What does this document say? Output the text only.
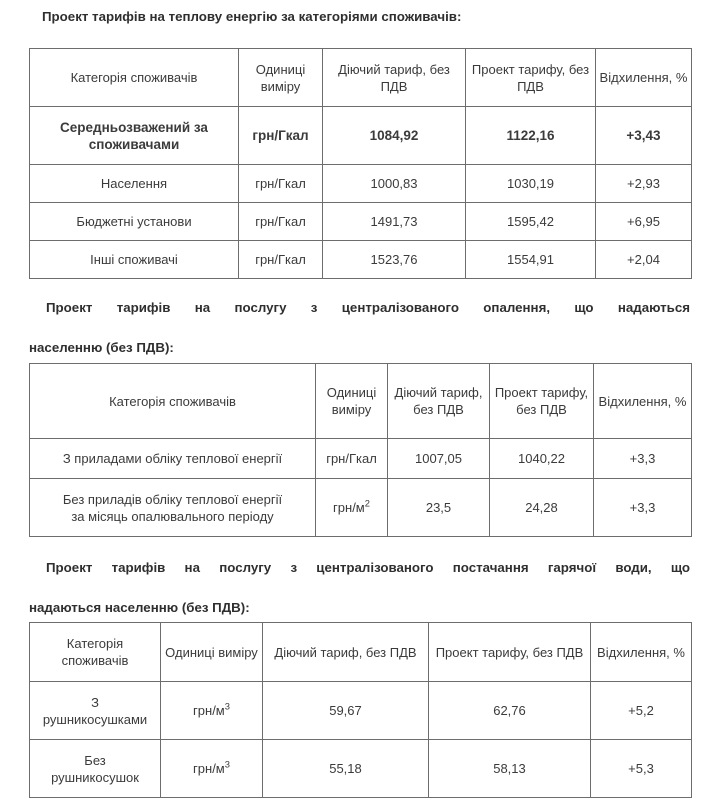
Проект тарифів на теплову енергію за категоріями споживачів:

Категорія споживачів	Одиниці виміру	Діючий тариф, без ПДВ	Проект тарифу, без ПДВ	Відхилення, %
Середньозважений за споживачами	грн/Гкал	1084,92	1122,16	+3,43
Населення	грн/Гкал	1000,83	1030,19	+2,93
Бюджетні установи	грн/Гкал	1491,73	1595,42	+6,95
Інші споживачі	грн/Гкал	1523,76	1554,91	+2,04

Проект тарифів на послугу з централізованого опалення, що надаються
населенню (без ПДВ):

Категорія споживачів	Одиниці виміру	Діючий тариф, без ПДВ	Проект тарифу, без ПДВ	Відхилення, %
З приладами обліку теплової енергії	грн/Гкал	1007,05	1040,22	+3,3
Без приладів обліку теплової енергії
за місяць опалювального періоду	грн/$м^2$	23,5	24,28	+3,3

Проект тарифів на послугу з централізованого постачання гарячої води, що
надаються населенню (без ПДВ):

Категорія споживачів	Одиниці виміру	Діючий тариф, без ПДВ	Проект тарифу, без ПДВ	Відхилення, %
З
рушникосушками	грн/$м^3$	59,67	62,76	+5,2
Без
рушникосушок	грн/$м^3$	55,18	58,13	+5,3
